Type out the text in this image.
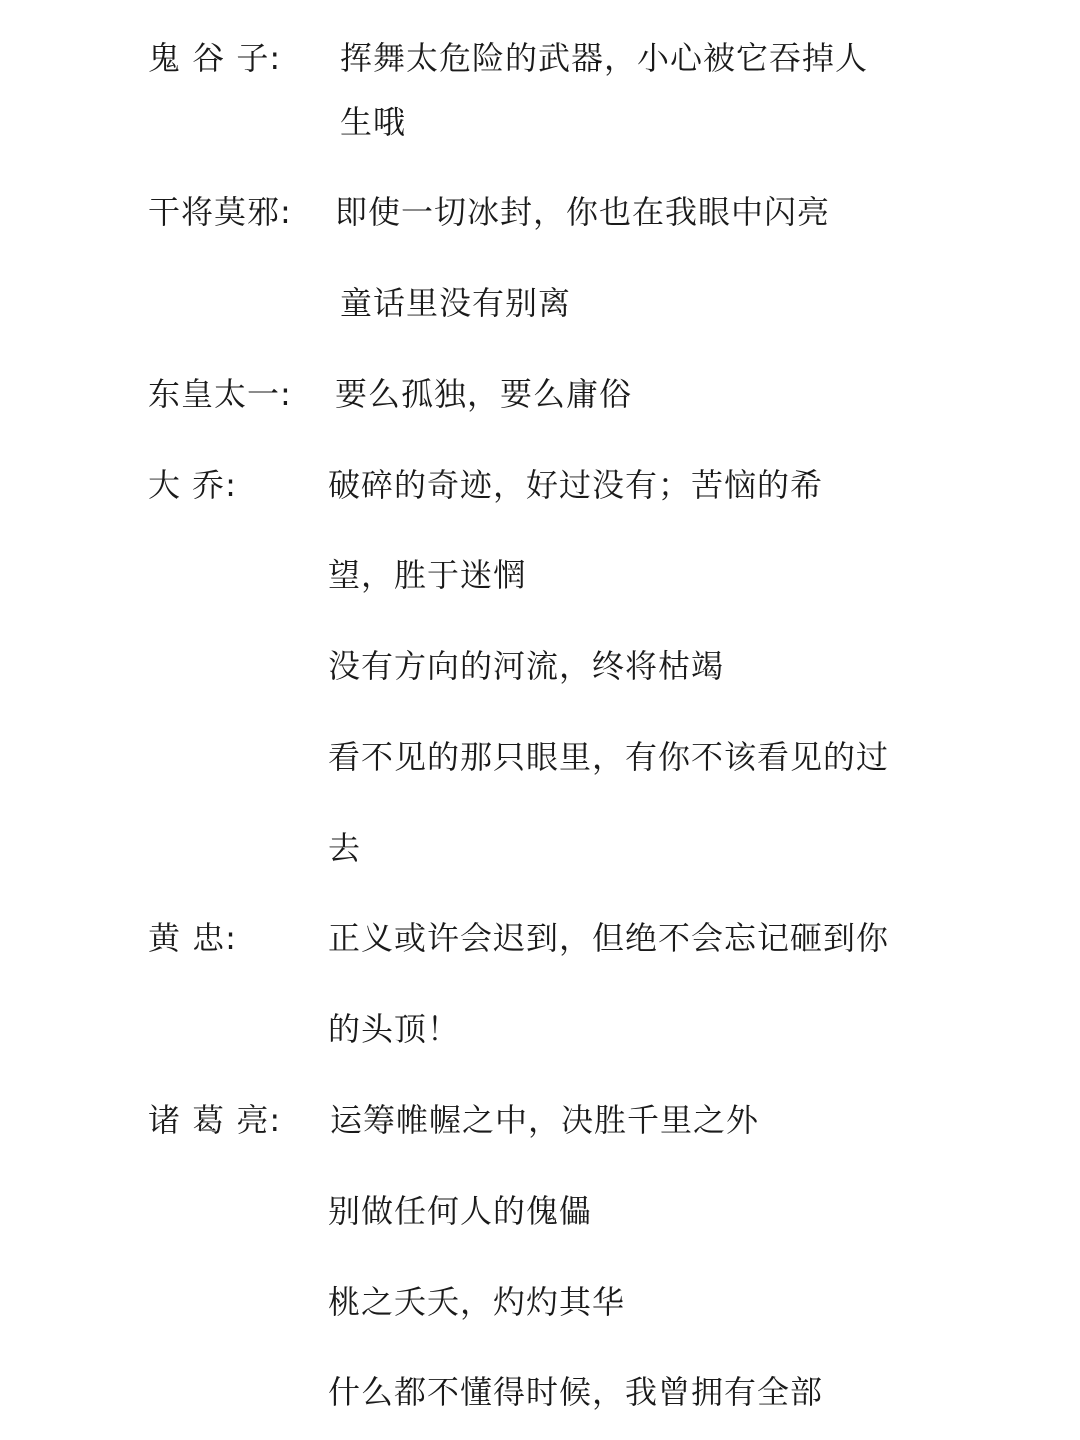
鬼 谷 子: 挥舞太危险的武器，小心被它吞掉人
生哦
干将莫邪: 即使一切冰封，你也在我眼中闪亮
童话里没有别离
东皇太一: 要么孤独，要么庸俗
大 乔:	破碎的奇迹，好过没有；苦恼的希
望，胜于迷惘
没有方向的河流，终将枯竭
看不见的那只眼里，有你不该看见的过
去
黄 忠:	正义或许会迟到，但绝不会忘记砸到你
的头顶！
诸 葛 亮: 运筹帷幄之中，决胜千里之外
别做任何人的傀儡
桃之夭夭，灼灼其华
什么都不懂得时候，我曾拥有全部
